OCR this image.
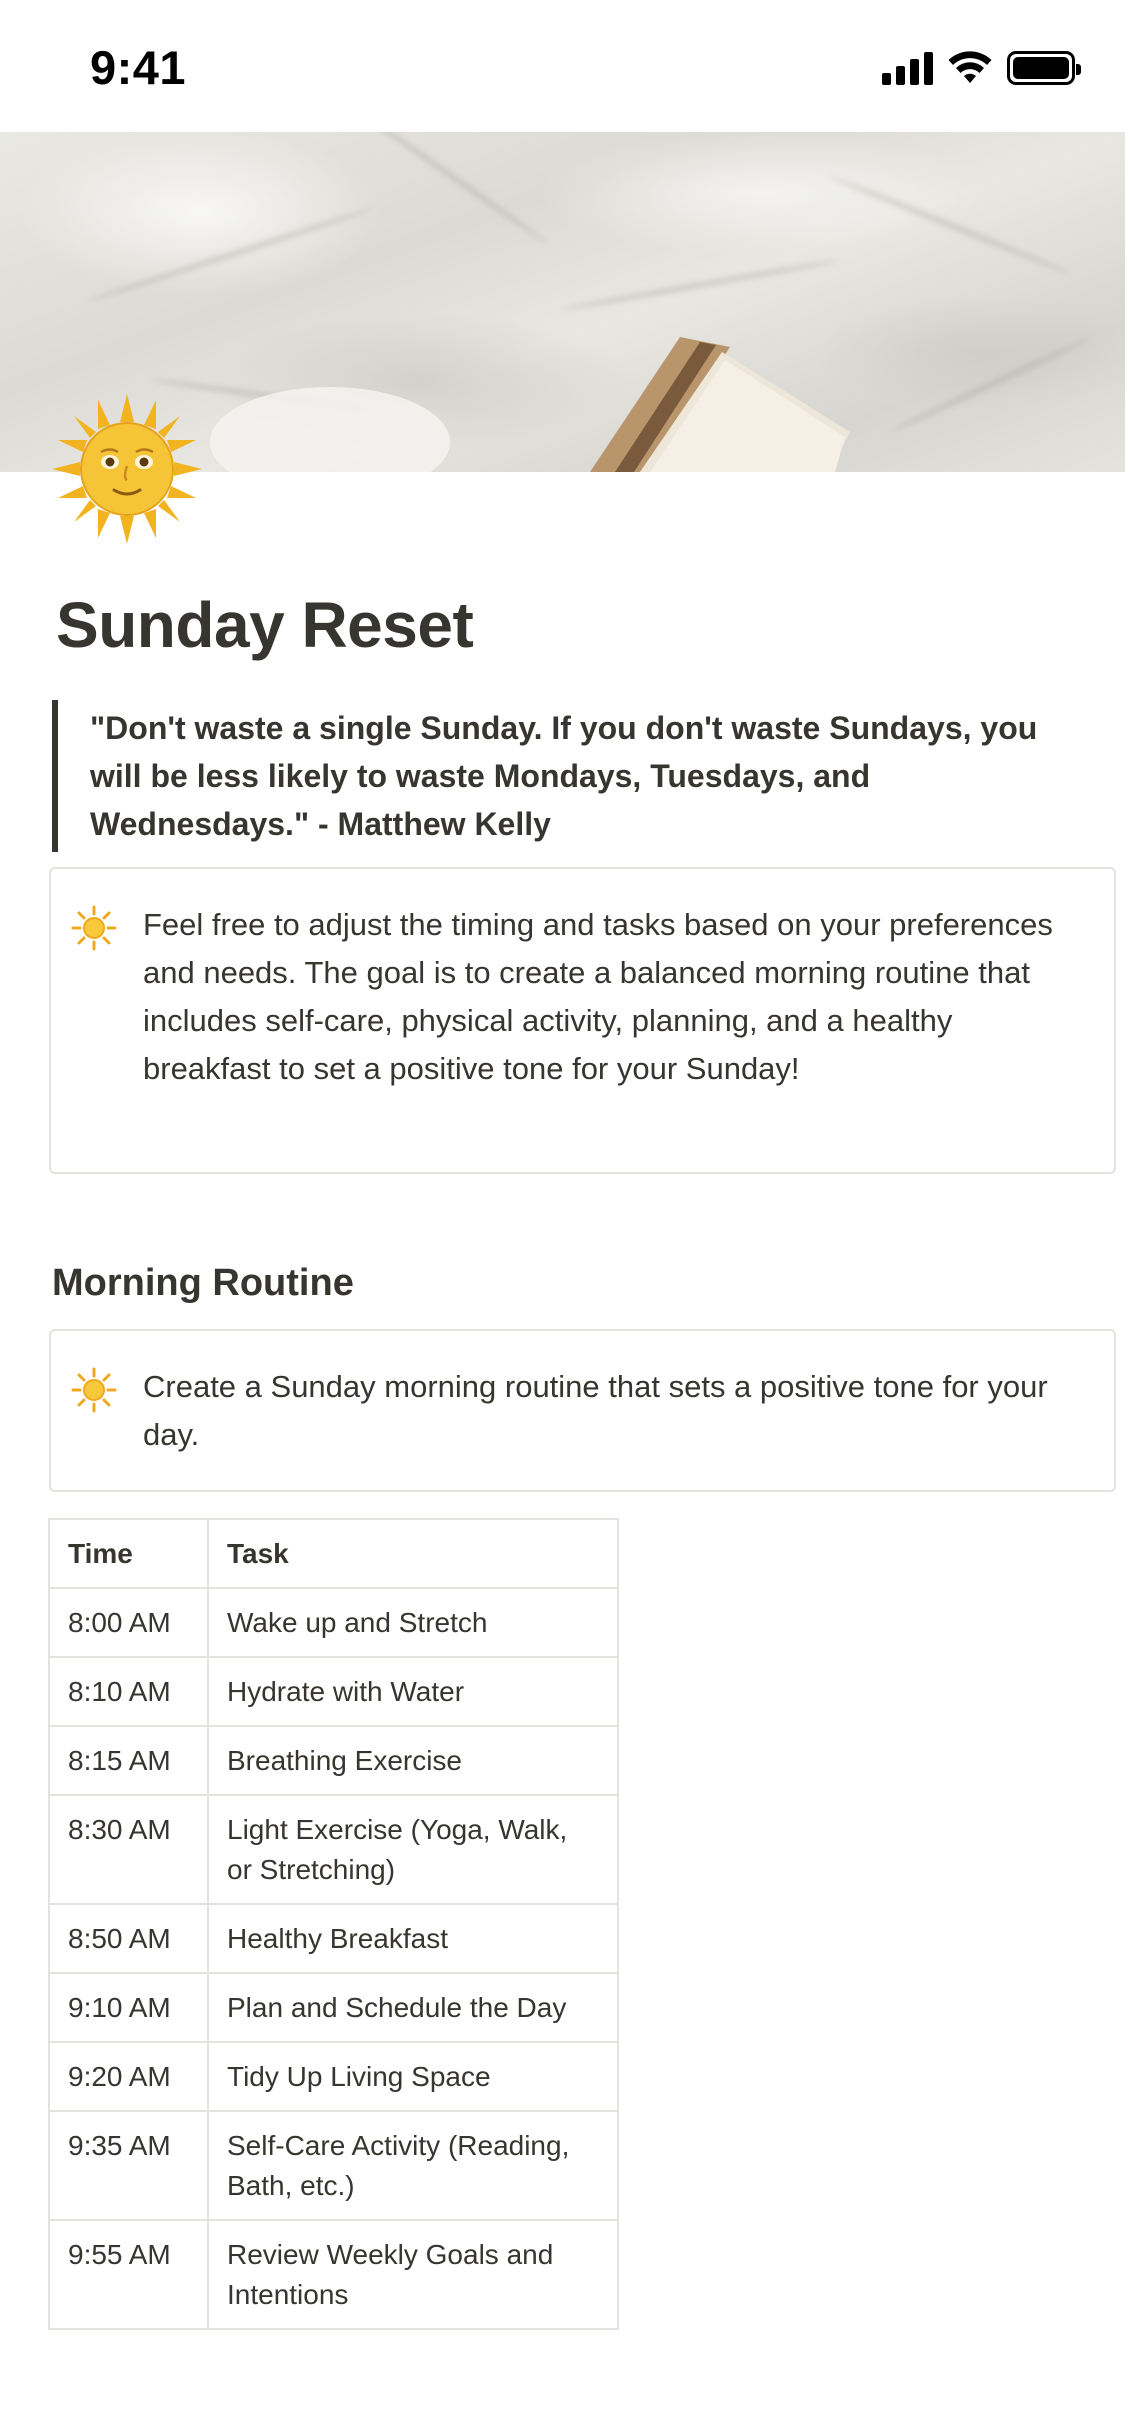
9:41
Sunday Reset

"Don't waste a single Sunday. If you don't waste Sundays, you will be less likely to waste Mondays, Tuesdays, and Wednesdays." - Matthew Kelly

Feel free to adjust the timing and tasks based on your preferences and needs. The goal is to create a balanced morning routine that includes self-care, physical activity, planning, and a healthy breakfast to set a positive tone for your Sunday!

Morning Routine

Create a Sunday morning routine that sets a positive tone for your day.

Time	Task
8:00 AM	Wake up and Stretch
8:10 AM	Hydrate with Water
8:15 AM	Breathing Exercise
8:30 AM	Light Exercise (Yoga, Walk, or Stretching)
8:50 AM	Healthy Breakfast
9:10 AM	Plan and Schedule the Day
9:20 AM	Tidy Up Living Space
9:35 AM	Self-Care Activity (Reading, Bath, etc.)
9:55 AM	Review Weekly Goals and Intentions
